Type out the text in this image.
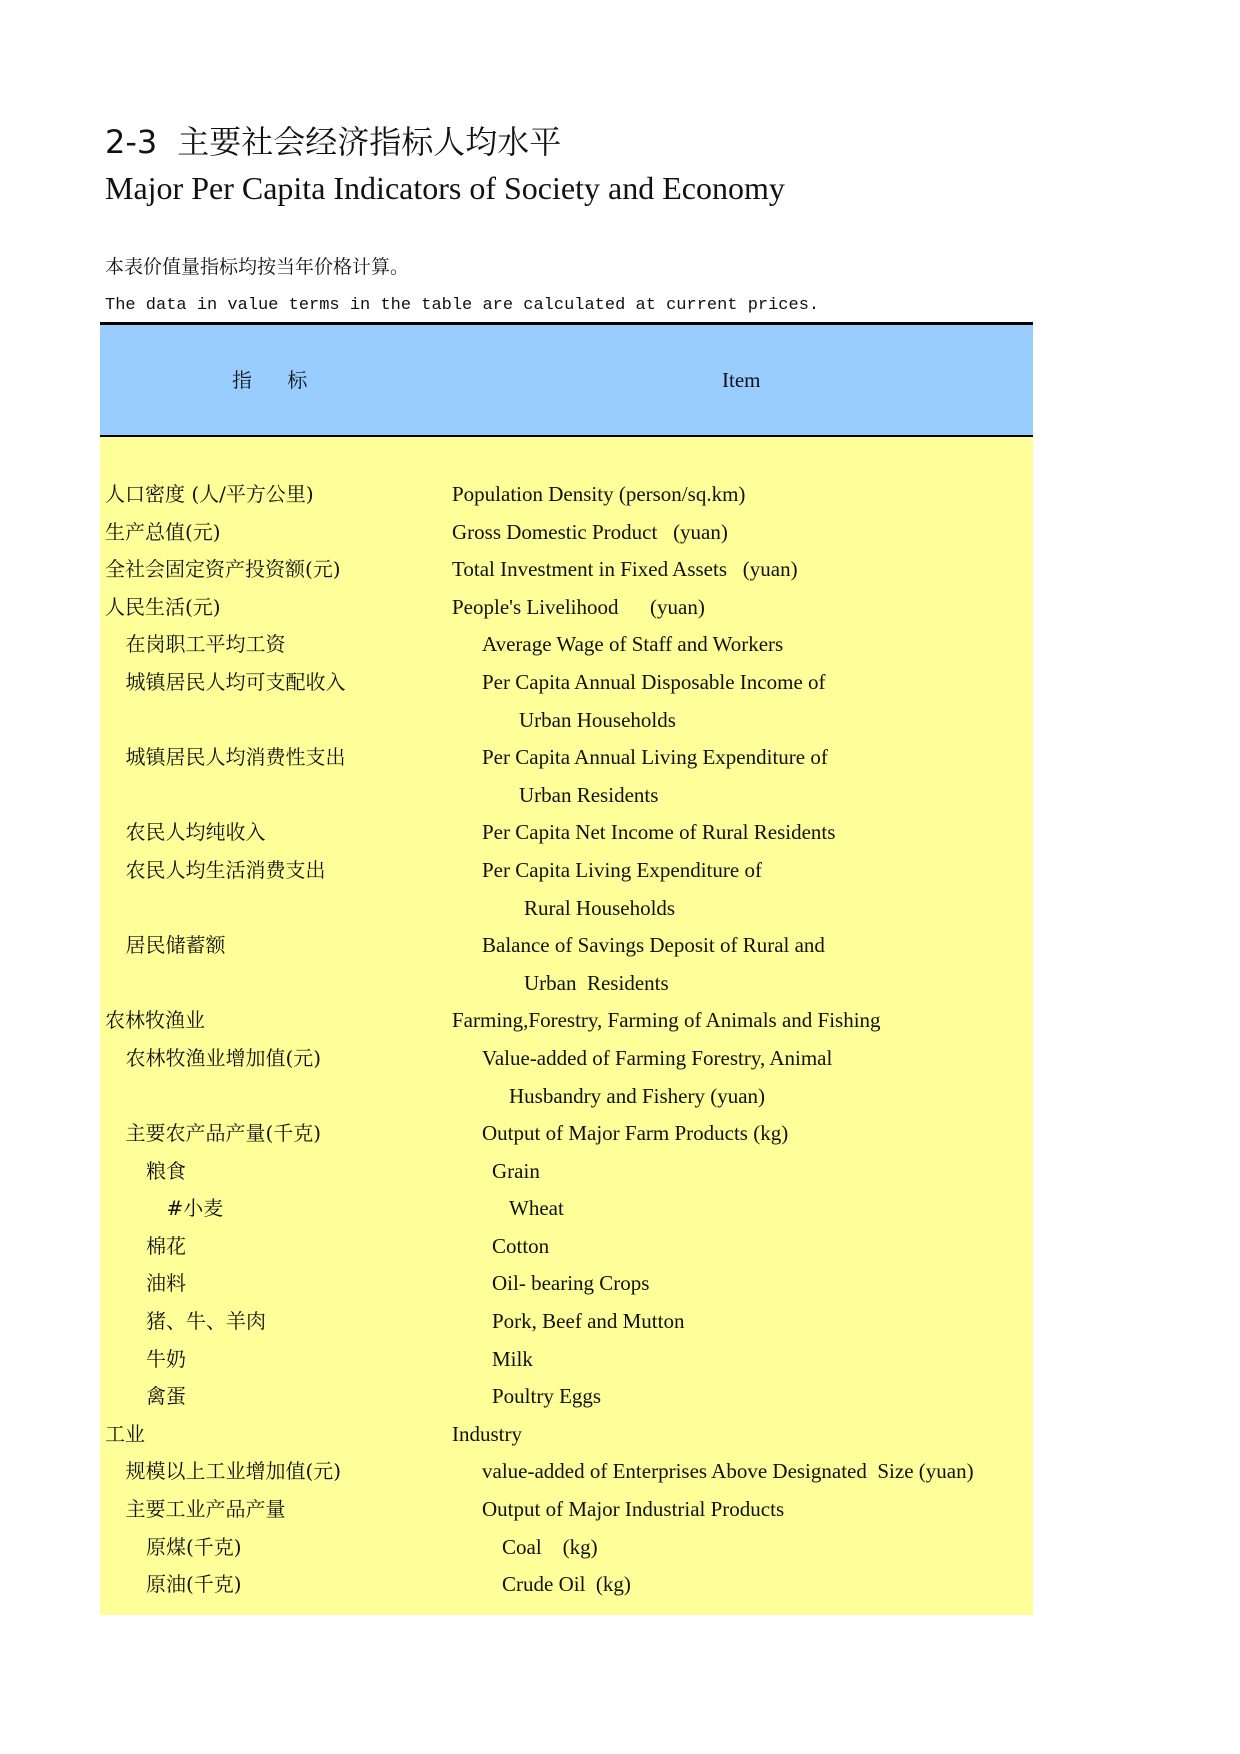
2-3 主要社会经济指标人均水平
Major Per Capita Indicators of Society and Economy
本表价值量指标均按当年价格计算。
The data in value terms in the table are calculated at current prices.
指    标	Item
人口密度 (人/平方公里)	Population Density (person/sq.km)
生产总值(元)	Gross Domestic Product   (yuan)
全社会固定资产投资额(元)	Total Investment in Fixed Assets   (yuan)
人民生活(元)	People's Livelihood      (yuan)
在岗职工平均工资	Average Wage of Staff and Workers
城镇居民人均可支配收入	Per Capita Annual Disposable Income of
Urban Households
城镇居民人均消费性支出	Per Capita Annual Living Expenditure of
Urban Residents
农民人均纯收入	Per Capita Net Income of Rural Residents
农民人均生活消费支出	Per Capita Living Expenditure of
Rural Households
居民储蓄额	Balance of Savings Deposit of Rural and
Urban  Residents
农林牧渔业	Farming,Forestry, Farming of Animals and Fishing
农林牧渔业增加值(元)	Value-added of Farming Forestry, Animal
Husbandry and Fishery (yuan)
主要农产品产量(千克)	Output of Major Farm Products (kg)
粮食	Grain
#小麦	Wheat
棉花	Cotton
油料	Oil- bearing Crops
猪、牛、羊肉	Pork, Beef and Mutton
牛奶	Milk
禽蛋	Poultry Eggs
工业	Industry
规模以上工业增加值(元)	value-added of Enterprises Above Designated  Size (yuan)
主要工业产品产量	Output of Major Industrial Products
原煤(千克)	Coal    (kg)
原油(千克)	Crude Oil  (kg)
